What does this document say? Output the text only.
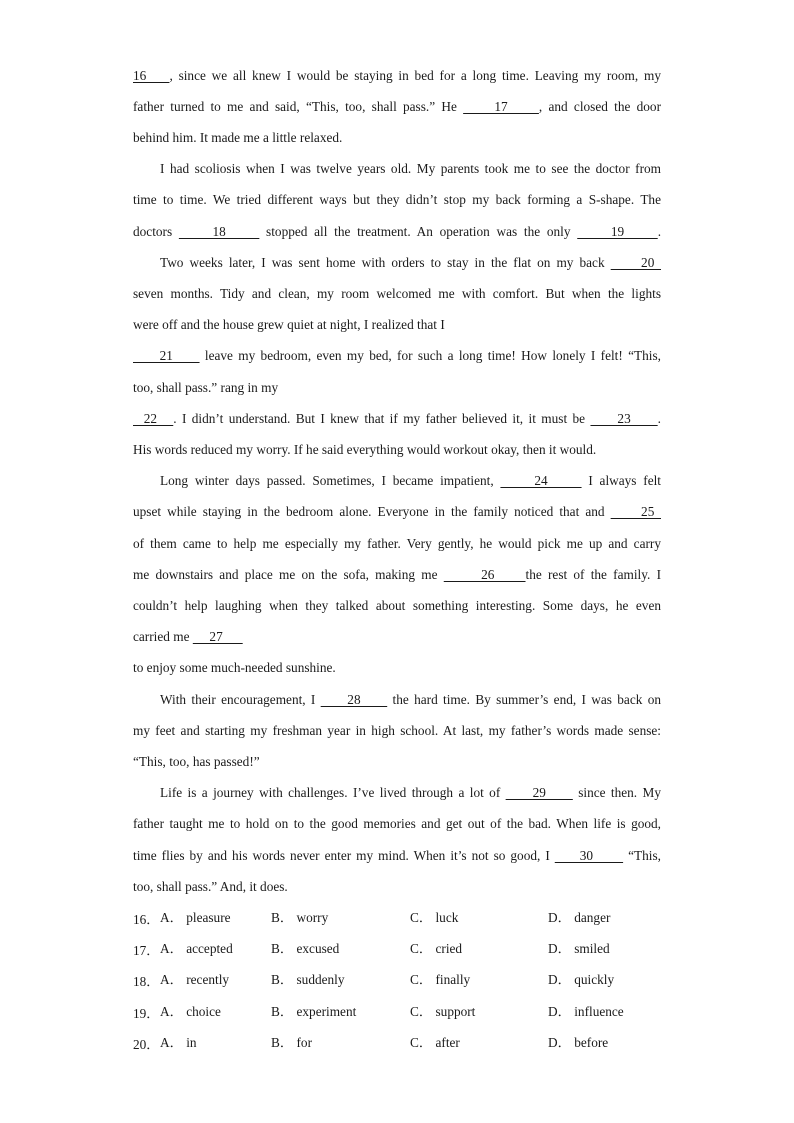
16    , since we all knew I would be staying in bed for a long time. Leaving my room, my
father turned to me and said, “This, too, shall pass.” He      17     , and closed the door
behind him. It made me a little relaxed.
I had scoliosis when I was twelve years old. My parents took me to see the doctor from
time to time. We tried different ways but they didn’t stop my back forming a S-shape. The
doctors      18      stopped all the treatment. An operation was the only      19     .
Two weeks later, I was sent home with orders to stay in the flat on my back      20
seven months. Tidy and clean, my room welcomed me with comfort. But when the lights
were off and the house grew quiet at night, I realized that I
21      leave my bedroom, even my bed, for such a long time! How lonely I felt! “This,
too, shall pass.” rang in my
22   . I didn’t understand. But I knew that if my father believed it, it must be      23     .
His words reduced my worry. If he said everything would workout okay, then it would.
Long winter days passed. Sometimes, I became impatient,      24      I always felt
upset while staying in the bedroom alone. Everyone in the family noticed that and      25
of them came to help me especially my father. Very gently, he would pick me up and carry
me downstairs and place me on the sofa, making me       26     the rest of the family. I
couldn’t help laughing when they talked about something interesting. Some days, he even
carried me      27
to enjoy some much-needed sunshine.
With their encouragement, I      28      the hard time. By summer’s end, I was back on
my feet and starting my freshman year in high school. At last, my father’s words made sense:
“This, too, has passed!”
Life is a journey with challenges. I’ve lived through a lot of      29      since then. My
father taught me to hold on to the good memories and get out of the bad. When life is good,
time flies by and his words never enter my mind. When it’s not so good, I      30       “This,
too, shall pass.” And, it does.
16． A． pleasure	B． worry	C． luck	D． danger
17． A． accepted	B． excused	C． cried	D． smiled
18． A． recently	B． suddenly	C． finally	D． quickly
19． A． choice	B． experiment	C． support	D． influence
20． A． in	B． for	C． after	D． before
